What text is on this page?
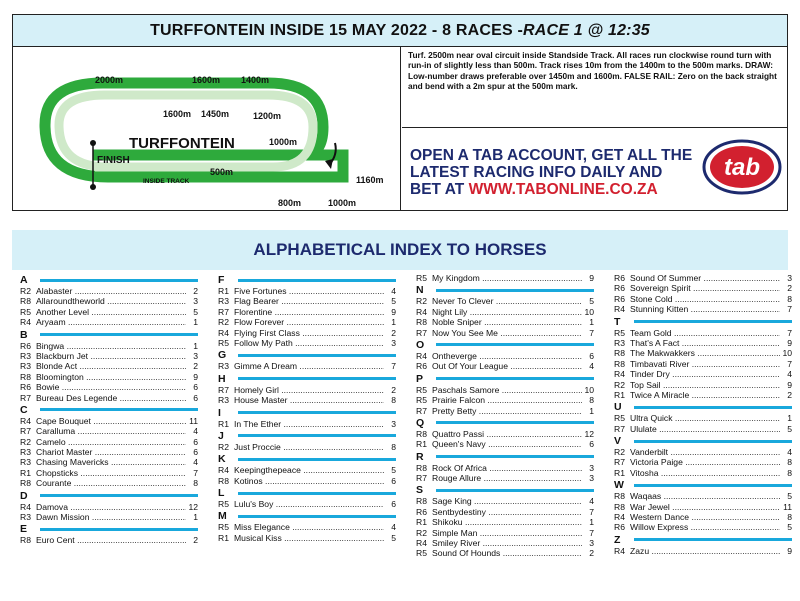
TURFFONTEIN INSIDE 15 MAY 2022 - 8 RACES - RACE 1 @ 12:35
2000m	1600m 1400m
1600m 1450m	1200m
1000m
TURFFONTEIN
FINISH
500m
1160m
INSIDE TRACK
STANDSIDE TRACK
800m	1000m
Turf. 2500m near oval circuit inside Standside Track. All races run clockwise round turn with run-in of slightly less than 500m. Track rises 10m from the 1400m to the 500m marks. DRAW: Low-number draws preferable over 1450m and 1600m. FALSE RAIL: Zero on the back straight and bend with a 2m spur at the 500m mark.
OPEN A TAB ACCOUNT, GET ALL THE
LATEST RACING INFO DAILY AND
BET AT WWW.TABONLINE.CO.ZA
tab
ALPHABETICAL INDEX TO HORSES
A
R2 Alabaster .....	2
R8 Allaroundtheworld .....	3
R5 Another Level .....	5
R4 Aryaam .....	1
B
R6 Bingwa .....	1
R3 Blackburn Jet .....	3
R3 Blonde Act .....	2
R8 Bloomington .....	9
R6 Bowie .....	6
R7 Bureau Des Legende .....	6
C
R4 Cape Bouquet .....	11
R7 Caralluma .....	4
R2 Camelo .....	6
R3 Chariot Master .....	6
R3 Chasing Mavericks .....	4
R1 Chopsticks .....	7
R8 Courante .....	8
D
R4 Damova .....	12
R3 Dawn Mission .....	1
E
R8 Euro Cent .....	2
F
R1 Five Fortunes .....	4
R3 Flag Bearer .....	5
R7 Florentine .....	9
R2 Flow Forever .....	1
R4 Flying First Class .....	2
R5 Follow My Path .....	3
G
R3 Gimme A Dream .....	7
H
R7 Homely Girl .....	2
R3 House Master .....	8
I
R1 In The Ether .....	3
J
R2 Just Proccie .....	8
K
R4 Keepingthepeace .....	5
R8 Kotinos .....	6
L
R5 Lulu's Boy .....	6
M
R5 Miss Elegance .....	4
R1 Musical Kiss .....	5
R5 My Kingdom .....	9
N
R2 Never To Clever .....	5
R4 Night Lily .....	10
R8 Noble Sniper .....	1
R7 Now You See Me .....	7
O
R4 Ontheverge .....	6
R6 Out Of Your League .....	4
P
R5 Paschals Samore .....	10
R5 Prairie Falcon .....	8
R7 Pretty Betty .....	1
Q
R8 Quattro Passi .....	12
R1 Queen's Navy .....	6
R
R8 Rock Of Africa .....	3
R7 Rouge Allure .....	3
S
R8 Sage King .....	4
R6 Sentbydestiny .....	7
R1 Shikoku .....	1
R2 Simple Man .....	7
R4 Smiley River .....	3
R5 Sound Of Hounds .....	2
R6 Sound Of Summer .....	3
R6 Sovereign Spirit .....	2
R6 Stone Cold .....	8
R4 Stunning Kitten .....	7
T
R5 Team Gold .....	7
R3 That's A Fact .....	9
R8 The Makwakkers .....	10
R8 Timbavati River .....	7
R4 Tinder Dry .....	4
R2 Top Sail .....	9
R1 Twice A Miracle .....	2
U
R5 Ultra Quick .....	1
R7 Ululate .....	5
V
R2 Vanderbilt .....	4
R7 Victoria Paige .....	8
R1 Vitosha .....	8
W
R8 Waqaas .....	5
R8 War Jewel .....	11
R4 Western Dance .....	8
R6 Willow Express .....	5
Z
R4 Zazu .....	9
